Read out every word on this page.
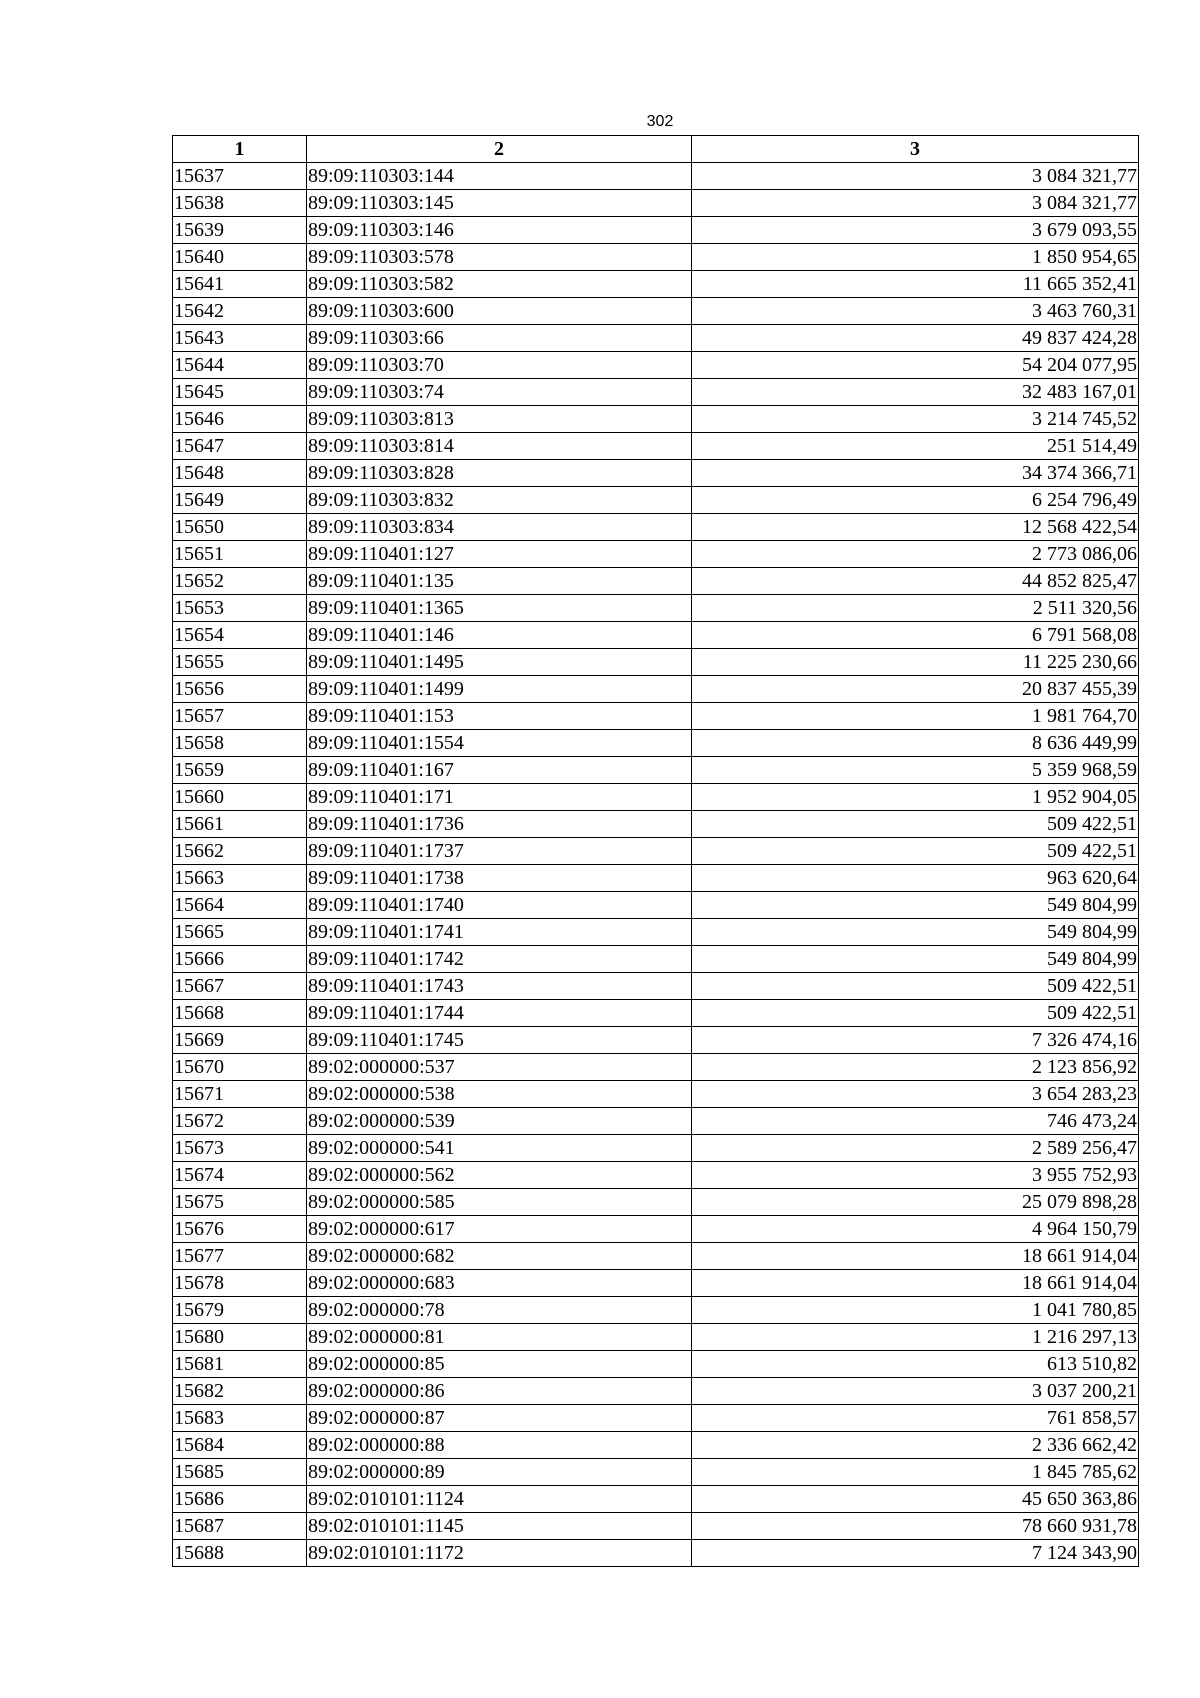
302
1	2	3
15637	89:09:110303:144	3 084 321,77
15638	89:09:110303:145	3 084 321,77
15639	89:09:110303:146	3 679 093,55
15640	89:09:110303:578	1 850 954,65
15641	89:09:110303:582	11 665 352,41
15642	89:09:110303:600	3 463 760,31
15643	89:09:110303:66	49 837 424,28
15644	89:09:110303:70	54 204 077,95
15645	89:09:110303:74	32 483 167,01
15646	89:09:110303:813	3 214 745,52
15647	89:09:110303:814	251 514,49
15648	89:09:110303:828	34 374 366,71
15649	89:09:110303:832	6 254 796,49
15650	89:09:110303:834	12 568 422,54
15651	89:09:110401:127	2 773 086,06
15652	89:09:110401:135	44 852 825,47
15653	89:09:110401:1365	2 511 320,56
15654	89:09:110401:146	6 791 568,08
15655	89:09:110401:1495	11 225 230,66
15656	89:09:110401:1499	20 837 455,39
15657	89:09:110401:153	1 981 764,70
15658	89:09:110401:1554	8 636 449,99
15659	89:09:110401:167	5 359 968,59
15660	89:09:110401:171	1 952 904,05
15661	89:09:110401:1736	509 422,51
15662	89:09:110401:1737	509 422,51
15663	89:09:110401:1738	963 620,64
15664	89:09:110401:1740	549 804,99
15665	89:09:110401:1741	549 804,99
15666	89:09:110401:1742	549 804,99
15667	89:09:110401:1743	509 422,51
15668	89:09:110401:1744	509 422,51
15669	89:09:110401:1745	7 326 474,16
15670	89:02:000000:537	2 123 856,92
15671	89:02:000000:538	3 654 283,23
15672	89:02:000000:539	746 473,24
15673	89:02:000000:541	2 589 256,47
15674	89:02:000000:562	3 955 752,93
15675	89:02:000000:585	25 079 898,28
15676	89:02:000000:617	4 964 150,79
15677	89:02:000000:682	18 661 914,04
15678	89:02:000000:683	18 661 914,04
15679	89:02:000000:78	1 041 780,85
15680	89:02:000000:81	1 216 297,13
15681	89:02:000000:85	613 510,82
15682	89:02:000000:86	3 037 200,21
15683	89:02:000000:87	761 858,57
15684	89:02:000000:88	2 336 662,42
15685	89:02:000000:89	1 845 785,62
15686	89:02:010101:1124	45 650 363,86
15687	89:02:010101:1145	78 660 931,78
15688	89:02:010101:1172	7 124 343,90
